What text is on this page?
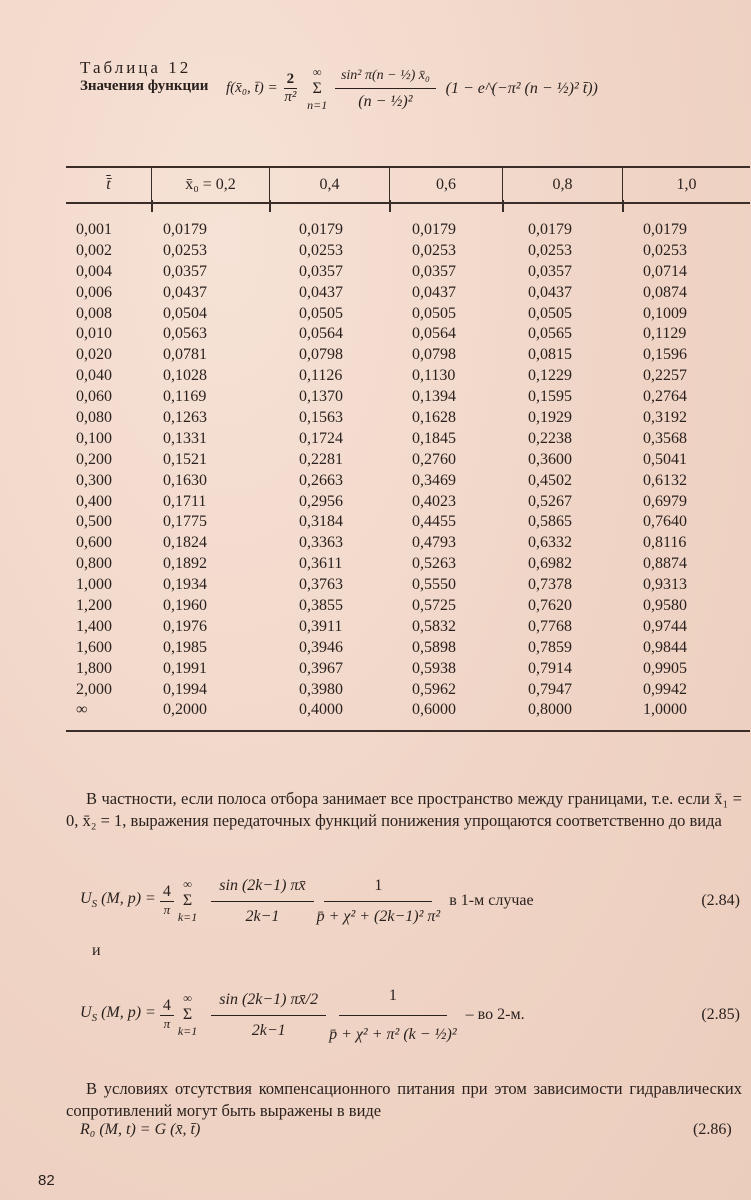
Таблица 12
Значения функции f(x̄₀, t̄) = $\frac{2}{\text{π²}}$
∞
Σ
n=1
$\frac{\text{sin² π(n − ½) x̄₀}}{\text{(n − ½)²}} (1$ − e^(−π² (n − ½)² t̄))
t̄	x̄₀ = 0,2	0,4	0,6	0,8	1,0
0,001	0,0179	0,0179	0,0179	0,0179	0,0179
0,002	0,0253	0,0253	0,0253	0,0253	0,0253
0,004	0,0357	0,0357	0,0357	0,0357	0,0714
0,006	0,0437	0,0437	0,0437	0,0437	0,0874
0,008	0,0504	0,0505	0,0505	0,0505	0,1009
0,010	0,0563	0,0564	0,0564	0,0565	0,1129
0,020	0,0781	0,0798	0,0798	0,0815	0,1596
0,040	0,1028	0,1126	0,1130	0,1229	0,2257
0,060	0,1169	0,1370	0,1394	0,1595	0,2764
0,080	0,1263	0,1563	0,1628	0,1929	0,3192
0,100	0,1331	0,1724	0,1845	0,2238	0,3568
0,200	0,1521	0,2281	0,2760	0,3600	0,5041
0,300	0,1630	0,2663	0,3469	0,4502	0,6132
0,400	0,1711	0,2956	0,4023	0,5267	0,6979
0,500	0,1775	0,3184	0,4455	0,5865	0,7640
0,600	0,1824	0,3363	0,4793	0,6332	0,8116
0,800	0,1892	0,3611	0,5263	0,6982	0,8874
1,000	0,1934	0,3763	0,5550	0,7378	0,9313
1,200	0,1960	0,3855	0,5725	0,7620	0,9580
1,400	0,1976	0,3911	0,5832	0,7768	0,9744
1,600	0,1985	0,3946	0,5898	0,7859	0,9844
1,800	0,1991	0,3967	0,5938	0,7914	0,9905
2,000	0,1994	0,3980	0,5962	0,7947	0,9942
∞	0,2000	0,4000	0,6000	0,8000	1,0000
В частности, если полоса отбора занимает все пространство между границами, т.е. если x̄₁ = 0, x̄₂ = 1, выражения передаточных функций понижения упрощаются соответственно до вида
$U_S$ (M, $p) = \frac{4}{\pi}$ ∞
Σ
$k=1 \frac{\sin (2k-1) \pi x̄}{2k-1} \frac{1}{\text{p̄ + χ² + (2k−1)² π²}}$ в 1-м случае	(2.84)
и
$U_S$ (M, $p) = \frac{4}{\pi}$ ∞
Σ
$k=1 \frac{\sin (2k-1) \pi x̄/2}{2k-1} \frac{1}{\text{p̄ + χ² + π² (k − ½)²}}$ – во 2-м.	(2.85)
В условиях отсутствия компенсационного питания при этом зависимости гидравлических сопротивлений могут быть выражены в виде
R₀ (M, t) = G (x̄, t̄)	(2.86)
82
